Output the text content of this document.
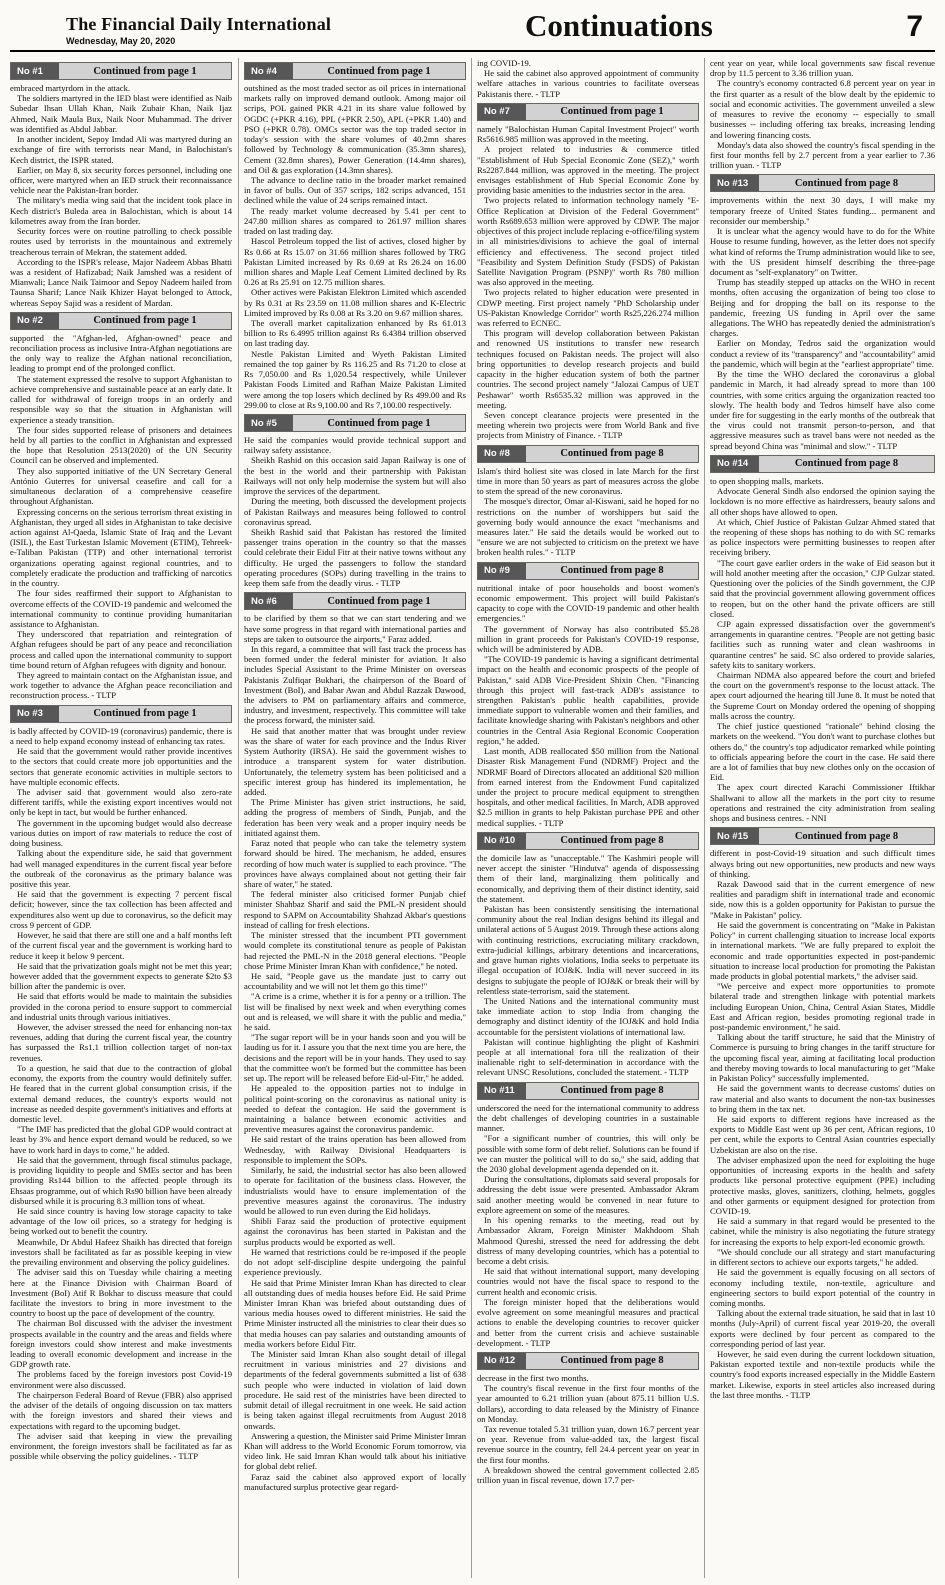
The Financial Daily International
Wednesday, May 20, 2020	Continuations	7
No #1	Continued from page 1

embraced martyrdom in the attack.

The soldiers martyred in the IED blast were identified as Naib Subedar Ihsan Ullah Khan, Naik Zubair Khan, Naik Ijaz Ahmed, Naik Maula Bux, Naik Noor Muhammad. The driver was identified as Abdul Jabbar.

In another incident, Sepoy Imdad Ali was martyred during an exchange of fire with terrorists near Mand, in Balochistan's Kech district, the ISPR stated.

Earlier, on May 8, six security forces personnel, including one officer, were martyred when an IED struck their reconnaissance vehicle near the Pakistan-Iran border.

The military's media wing said that the incident took place in Kech district's Buleda area in Balochistan, which is about 14 kilometres away from the Iran border.

Security forces were on routine patrolling to check possible routes used by terrorists in the mountainous and extremely treacherous terrain of Mekran, the statement added.

According to the ISPR's release, Major Nadeem Abbas Bhatti was a resident of Hafizabad; Naik Jamshed was a resident of Mianwali; Lance Naik Taimoor and Sepoy Nadeem hailed from Taunsa Sharif; Lance Naik Khizer Hayat belonged to Attock, whereas Sepoy Sajid was a resident of Mardan.

No #2	Continued from page 1

supported the "Afghan-led, Afghan-owned" peace and reconciliation process as inclusive Intra-Afghan negotiations are the only way to realize the Afghan national reconciliation, leading to prompt end of the prolonged conflict.

The statement expressed the resolve to support Afghanistan to achieve comprehensive and sustainable peace at an early date. It called for withdrawal of foreign troops in an orderly and responsible way so that the situation in Afghanistan will experience a steady transition.

The four sides supported release of prisoners and detainees held by all parties to the conflict in Afghanistan and expressed the hope that Resolution 2513(2020) of the UN Security Council can be observed and implemented.

They also supported initiative of the UN Secretary General António Guterres for universal ceasefire and call for a simultaneous declaration of a comprehensive ceasefire throughout Afghanistan.

Expressing concerns on the serious terrorism threat existing in Afghanistan, they urged all sides in Afghanistan to take decisive action against Al-Qaeda, Islamic State of Iraq and the Levant (ISIL), the East Turkestan Islamic Movement (ETIM), Tehreek-e-Taliban Pakistan (TTP) and other international terrorist organizations operating against regional countries, and to completely eradicate the production and trafficking of narcotics in the country.

The four sides reaffirmed their support to Afghanistan to overcome effects of the COVID-19 pandemic and welcomed the international community to continue providing humanitarian assistance to Afghanistan.

They underscored that repatriation and reintegration of Afghan refugees should be part of any peace and reconciliation process and called upon the international community to support time bound return of Afghan refugees with dignity and honour.

They agreed to maintain contact on the Afghanistan issue, and work together to advance the Afghan peace reconciliation and reconstruction process. - TLTP

No #3	Continued from page 1

is badly affected by COVID-19 (coronavirus) pandemic, there is a need to help expand economy instead of enhancing tax rates.

He said that the government would rather provide incentives to the sectors that could create more job opportunities and the sectors that generate economic activities in multiple sectors to have multiple economic effects.

The adviser said that government would also zero-rate different tariffs, while the existing export incentives would not only be kept in tact, but would be further enhanced.

The government in the upcoming budget would also decrease various duties on import of raw materials to reduce the cost of doing business.

Talking about the expenditure side, he said that government had well managed expenditures in the current fiscal year before the outbreak of the coronavirus as the primary balance was positive this year.

He said that the government is expecting 7 percent fiscal deficit; however, since the tax collection has been affected and expenditures also went up due to coronavirus, so the deficit may cross 9 percent of GDP.

However, he said that there are still one and a half months left of the current fiscal year and the government is working hard to reduce it keep it below 9 percent.

He said that the privatization goals might not be met this year; however added that the government expects to generate $2to $3 billion after the pandemic is over.

He said that efforts would be made to maintain the subsidies provided in the corona period to ensure support to commercial and industrial units through various initiatives.

However, the adviser stressed the need for enhancing non-tax revenues, adding that during the current fiscal year, the country has surpassed the Rs1.1 trillion collection target of non-tax revenues.

To a question, he said that due to the contraction of global economy, the exports from the country would definitely suffer. He feared that in the current global consumption crisis, if the external demand reduces, the country's exports would not increase as needed despite government's initiatives and efforts at domestic level.

"The IMF has predicted that the global GDP would contract at least by 3% and hence export demand would be reduced, so we have to work hard in days to come," he added.

He said that the government, through fiscal stimulus package, is providing liquidity to people and SMEs sector and has been providing Rs144 billion to the affected people through its Ehsaas programme, out of which Rs90 billion have been already disbursed while it is procuring 8.3 million tons of wheat.

He said since country is having low storage capacity to take advantage of the low oil prices, so a strategy for hedging is being worked out to benefit the country.

Meanwhile, Dr Abdul Hafeez Shaikh has directed that foreign investors shall be facilitated as far as possible keeping in view the prevailing environment and observing the policy guidelines.

The adviser said this on Tuesday while chairing a meeting here at the Finance Division with Chairman Board of Investment (BoI) Atif R Bokhar to discuss measure that could facilitate the investors to bring in more investment to the country to boost up the pace of development of the country.

The chairman BoI discussed with the adviser the investment prospects available in the country and the areas and fields where foreign investors could show interest and make investments leading to overall economic development and increase in the GDP growth rate.

The problems faced by the foreign investors post Covid-19 environment were also discussed.

The chairperson Federal Board of Revue (FBR) also apprised the adviser of the details of ongoing discussion on tax matters with the foreign investors and shared their views and expectations with regard to the upcoming budget.

The adviser said that keeping in view the prevailing environment, the foreign investors shall be facilitated as far as possible while observing the policy guidelines. - TLTP

No #4	Continued from page 1

outshined as the most traded sector as oil prices in international markets rally on improved demand outlook. Among major oil scrips, POL gained PKR 4.21 in its share value followed by OGDC (+PKR 4.16), PPL (+PKR 2.50), APL (+PKR 1.40) and PSO (+PKR 0.78). OMCs sector was the top traded sector in today's session with the share volumes of 40.2mn shares followed by Technology & communication (35.3mn shares), Cement (32.8mn shares), Power Generation (14.4mn shares), and Oil & gas exploration (14.3mn shares).

The advance to decline ratio in the broader market remained in favor of bulls. Out of 357 scrips, 182 scrips advanced, 151 declined while the value of 24 scrips remained intact.

The ready market volume decreased by 5.41 per cent to 247.80 million shares as compared to 261.97 million shares traded on last trading day.

Hascol Petroleum topped the list of actives, closed higher by Rs 0.66 at Rs 15.07 on 31.66 million shares followed by TRG Pakistan Limited increased by Rs 0.69 at Rs 26.24 on 16.00 million shares and Maple Leaf Cement Limited declined by Rs 0.26 at Rs 25.91 on 12.75 million shares.

Other actives were Pakistan Elektron Limited which ascended by Rs 0.31 at Rs 23.59 on 11.08 million shares and K-Electric Limited improved by Rs 0.08 at Rs 3.20 on 9.67 million shares.

The overall market capitalization enhanced by Rs 61.013 billion to Rs 6.4995 trillion against Rs 6.4384 trillion observed on last trading day.

Nestle Pakistan Limited and Wyeth Pakistan Limited remained the top gainer by Rs 116.25 and Rs 71.20 to close at Rs 7,050.00 and Rs 1,020.54 respectively, while Unilever Pakistan Foods Limited and Rafhan Maize Pakistan Limited were among the top losers which declined by Rs 499.00 and Rs 299.00 to close at Rs 9,100.00 and Rs 7,100.00 respectively.

No #5	Continued from page 1

He said the companies would provide technical support and railway safety assistance.

Sheikh Rashid on this occasion said Japan Railway is one of the best in the world and their partnership with Pakistan Railways will not only help modernise the system but will also improve the services of the department.

During the meeting, both discussed the development projects of Pakistan Railways and measures being followed to control coronavirus spread.

Sheikh Rashid said that Pakistan has restored the limited passenger trains operation in the country so that the masses could celebrate their Eidul Fitr at their native towns without any difficulty. He urged the passengers to follow the standard operating procedures (SOPs) during travelling in the trains to keep them safe from the deadly virus. - TLTP

No #6	Continued from page 1

to be clarified by them so that we can start tendering and we have some progress in that regard with international parties and steps are taken to outsource the airports," Faraz added.

In this regard, a committee that will fast track the process has been formed under the federal minister for aviation. It also includes Special Assistant to the Prime Minister on overseas Pakistanis Zulfiqar Bukhari, the chairperson of the Board of Investment (BoI), and Babar Awan and Abdul Razzak Dawood, the advisers to PM on parliamentary affairs and commerce, industry, and investment, respectively. This committee will take the process forward, the minister said.

He said that another matter that was brought under review was the share of water for each province and the Indus River System Authority (IRSA). He said the government wishes to introduce a transparent system for water distribution. Unfortunately, the telemetry system has been politicised and a specific interest group has hindered its implementation, he added.

The Prime Minister has given strict instructions, he said, adding the progress of members of Sindh, Punjab, and the federation has been very weak and a proper inquiry needs be initiated against them.

Faraz noted that people who can take the telemetry system forward should be hired. The mechanism, he added, ensures recording of how much water is supplied to each province. "The provinces have always complained about not getting their fair share of water," he stated.

The federal minister also criticised former Punjab chief minister Shahbaz Sharif and said the PML-N president should respond to SAPM on Accountability Shahzad Akbar's questions instead of calling for fresh elections.

The minister stressed that the incumbent PTI government would complete its constitutional tenure as people of Pakistan had rejected the PML-N in the 2018 general elections. "People chose Prime Minister Imran Khan with confidence," he noted.

He said, "People gave us the mandate just to carry out accountability and we will not let them go this time!"

"A crime is a crime, whether it is for a penny or a trillion. The list will be finalised by next week and when everything comes out and is released, we will share it with the public and media," he said.

"The sugar report will be in your hands soon and you will be lauding us for it. I assure you that the next time you are here, the decisions and the report will be in your hands. They used to say that the committee won't be formed but the committee has been set up. The report will be released before Eid-ul-Fitr," he added.

He appealed to the opposition parties not to indulge in political point-scoring on the coronavirus as national unity is needed to defeat the contagion. He said the government is maintaining a balance between economic activities and preventive measures against the coronavirus pandemic.

He said restart of the trains operation has been allowed from Wednesday, with Railway Divisional Headquarters is responsible to implement the SOPs.

Similarly, he said, the industrial sector has also been allowed to operate for facilitation of the business class. However, the industrialists would have to ensure implementation of the preventive measures against the coronavirus. The industry would be allowed to run even during the Eid holidays.

Shibli Faraz said the production of protective equipment against the coronavirus has been started in Pakistan and the surplus products would be exported as well.

He warned that restrictions could be re-imposed if the people do not adopt self-discipline despite undergoing the painful experience previously.

He said that Prime Minister Imran Khan has directed to clear all outstanding dues of media houses before Eid. He said Prime Minister Imran Khan was briefed about outstanding dues of various media houses owed to different ministries. He said the Prime Minister instructed all the ministries to clear their dues so that media houses can pay salaries and outstanding amounts of media workers before Eidul Fitr.

The Minister said Imran Khan also sought detail of illegal recruitment in various ministries and 27 divisions and departments of the federal governments submitted a list of 638 such people who were inducted in violation of laid down procedure. He said rest of the ministries have been directed to submit detail of illegal recruitment in one week. He said action is being taken against illegal recruitments from August 2018 onwards.

Answering a question, the Minister said Prime Minister Imran Khan will address to the World Economic Forum tomorrow, via video link. He said Imran Khan would talk about his initiative for global debt relief.

Faraz said the cabinet also approved export of locally manufactured surplus protective gear regard-

ing COVID-19.

He said the cabinet also approved appointment of community welfare attaches in various countries to facilitate overseas Pakistanis there. - TLTP

No #7	Continued from page 1

namely "Balochistan Human Capital Investment Project" worth Rs5616.985 million was approved in the meeting.

A project related to industries & commerce titled "Establishment of Hub Special Economic Zone (SEZ)," worth Rs2287.844 million, was approved in the meeting. The project envisages establishment of Hub Special Economic Zone by providing basic amenities to the industries sector in the area.

Two projects related to information technology namely "E-Office Replication at Division of the Federal Government" worth Rs689.653 million were approved by CDWP. The major objectives of this project include replacing e-office/filing system in all ministries/divisions to achieve the goal of internal efficiency and effectiveness. The second project titled "Feasibility and System Definition Study (FSDS) of Pakistan Satellite Navigation Program (PSNP)" worth Rs 780 million was also approved in the meeting.

Two projects related to higher education were presented in CDWP meeting. First project namely "PhD Scholarship under US-Pakistan Knowledge Corridor" worth Rs25,226.274 million was referred to ECNEC.

This program will develop collaboration between Pakistan and renowned US institutions to transfer new research techniques focused on Pakistan needs. The project will also bring opportunities to develop research projects and build capacity in the higher education system of both the partner countries. The second project namely "Jalozai Campus of UET Peshawar" worth Rs6535.32 million was approved in the meeting.

Seven concept clearance projects were presented in the meeting wherein two projects were from World Bank and five projects from Ministry of Finance. - TLTP

No #8	Continued from page 8

Islam's third holiest site was closed in late March for the first time in more than 50 years as part of measures across the globe to stem the spread of the new coronavirus.

The mosque's director, Omar al-Kiswani, said he hoped for no restrictions on the number of worshippers but said the governing body would announce the exact "mechanisms and measures later." He said the details would be worked out to "ensure we are not subjected to criticism on the pretext we have broken health rules." - TLTP

No #9	Continued from page 8

nutritional intake of poor households and boost women's economic empowerment. This project will build Pakistan's capacity to cope with the COVID-19 pandemic and other health emergencies."

The government of Norway has also contributed $5.28 million in grant proceeds for Pakistan's COVID-19 response, which will be administered by ADB.

"The COVID-19 pandemic is having a significant detrimental impact on the health and economic prospects of the people of Pakistan," said ADB Vice-President Shixin Chen. "Financing through this project will fast-track ADB's assistance to strengthen Pakistan's public health capabilities, provide immediate support to vulnerable women and their families, and facilitate knowledge sharing with Pakistan's neighbors and other countries in the Central Asia Regional Economic Cooperation region," he added.

Last month, ADB reallocated $50 million from the National Disaster Risk Management Fund (NDRMF) Project and the NDRMF Board of Directors allocated an additional $20 million from earned interest from the Endowment Fund capitalized under the project to procure medical equipment to strengthen hospitals, and other medical facilities. In March, ADB approved $2.5 million in grants to help Pakistan purchase PPE and other medical supplies. - TLTP

No #10	Continued from page 8

the domicile law as "unacceptable." The Kashmiri people will never accept the sinister "Hindutva" agenda of dispossessing them of their land, marginalizing them politically and economically, and depriving them of their distinct identity, said the statement.

Pakistan has been consistently sensitising the international community about the real Indian designs behind its illegal and unilateral actions of 5 August 2019. Through these actions along with continuing restrictions, excruciating military crackdown, extra-judicial killings, arbitrary detentions and incarcerations, and grave human rights violations, India seeks to perpetuate its illegal occupation of IOJ&K. India will never succeed in its designs to subjugate the people of IOJ&K or break their will by relentless state-terrorism, said the statement.

The United Nations and the international community must take immediate action to stop India from changing the demography and distinct identity of the IOJ&K and hold India accountable for the persistent violations of international law.

Pakistan will continue highlighting the plight of Kashmiri people at all international fora till the realization of their inalienable right to self-determination in accordance with the relevant UNSC Resolutions, concluded the statement. - TLTP

No #11	Continued from page 8

underscored the need for the international community to address the debt challenges of developing countries in a sustainable manner.

"For a significant number of countries, this will only be possible with some form of debt relief. Solutions can be found if we can muster the political will to do so," she said, adding that the 2030 global development agenda depended on it.

During the consultations, diplomats said several proposals for addressing the debt issue were presented. Ambassador Akram said another meeting would be convened in near future to explore agreement on some of the measures.

In his opening remarks to the meeting, read out by Ambassador Akram, Foreign Minister Makhdoom Shah Mahmood Qureshi, stressed the need for addressing the debt distress of many developing countries, which has a potential to become a debt crisis.

He said that without international support, many developing countries would not have the fiscal space to respond to the current health and economic crisis.

The foreign minister hoped that the deliberations would evolve agreement on some meaningful measures and practical actions to enable the developing countries to recover quicker and better from the current crisis and achieve sustainable development. - TLTP

No #12	Continued from page 8

decrease in the first two months.

The country's fiscal revenue in the first four months of the year amounted to 6.21 trillion yuan (about 875.11 billion U.S. dollars), according to data released by the Ministry of Finance on Monday.

Tax revenue totaled 5.31 trillion yuan, down 16.7 percent year on year. Revenue from value-added tax, the largest fiscal revenue source in the country, fell 24.4 percent year on year in the first four months.

A breakdown showed the central government collected 2.85 trillion yuan in fiscal revenue, down 17.7 per-

cent year on year, while local governments saw fiscal revenue drop by 11.5 percent to 3.36 trillion yuan.

The country's economy contracted 6.8 percent year on year in the first quarter as a result of the blow dealt by the epidemic to social and economic activities. The government unveiled a slew of measures to revive the economy -- especially to small businesses -- including offering tax breaks, increasing lending and lowering financing costs.

Monday's data also showed the country's fiscal spending in the first four months fell by 2.7 percent from a year earlier to 7.36 trillion yuan. - TLTP

No #13	Continued from page 8

improvements within the next 30 days, I will make my temporary freeze of United States funding... permanent and reconsider our membership."

It is unclear what the agency would have to do for the White House to resume funding, however, as the letter does not specify what kind of reforms the Trump administration would like to see, with the US president himself describing the three-page document as "self-explanatory" on Twitter.

Trump has steadily stepped up attacks on the WHO in recent months, often accusing the organization of being too close to Beijing and for dropping the ball on its response to the pandemic, freezing US funding in April over the same allegations. The WHO has repeatedly denied the administration's charges.

Earlier on Monday, Tedros said the organization would conduct a review of its "transparency" and "accountability" amid the pandemic, which will begin at the "earliest appropriate" time.

By the time the WHO declared the coronavirus a global pandemic in March, it had already spread to more than 100 countries, with some critics arguing the organization reacted too slowly. The health body and Tedros himself have also come under fire for suggesting in the early months of the outbreak that the virus could not transmit person-to-person, and that aggressive measures such as travel bans were not needed as the spread beyond China was "minimal and slow." - TLTP

No #14	Continued from page 8

to open shopping malls, markets.

Advocate General Sindh also endorsed the opinion saying the lockdown is no more effective as hairdressers, beauty salons and all other shops have allowed to open.

At which, Chief Justice of Pakistan Gulzar Ahmed stated that the reopening of these shops has nothing to do with SC remarks as police inspectors were permitting businesses to reopen after receiving bribery.

"The court gave earlier orders in the wake of Eid season but it will hold another meeting after the occasion," CJP Gulzar stated. Questioning over the policies of the Sindh government, the CJP said that the provincial government allowing government offices to reopen, but on the other hand the private officers are still closed.

CJP again expressed dissatisfaction over the government's arrangements in quarantine centres. "People are not getting basic facilities such as running water and clean washrooms in quarantine centres" he said. SC also ordered to provide salaries, safety kits to sanitary workers.

Chairman NDMA also appeared before the court and briefed the court on the government's response to the locust attack. The apex court adjourned the hearing till June 8. It must be noted that the Supreme Court on Monday ordered the opening of shopping malls across the country.

The chief justice questioned "rationale" behind closing the markets on the weekend. "You don't want to purchase clothes but others do," the country's top adjudicator remarked while pointing to officials appearing before the court in the case. He said there are a lot of families that buy new clothes only on the occasion of Eid.

The apex court directed Karachi Commissioner Iftikhar Shallwani to allow all the markets in the port city to resume operations and restrained the city administration from sealing shops and business centres. - NNI

No #15	Continued from page 8

different in post-Covid-19 situation and such difficult times always bring out new opportunities, new products and new ways of thinking.

Razak Dawood said that in the current emergence of new realities and paradigm shift in international trade and economic side, now this is a golden opportunity for Pakistan to pursue the "Make in Pakistan" policy.

He said the government is concentrating on "Make in Pakistan Policy" in current challenging situation to increase local exports in international markets. "We are fully prepared to exploit the economic and trade opportunities expected in post-pandemic situation to increase local production for promoting the Pakistan made products in global potential markets," the adviser said.

"We perceive and expect more opportunities to promote bilateral trade and strengthen linkage with potential markets including European Union, China, Central Asian States, Middle East and African region, besides promoting regional trade in post-pandemic environment," he said.

Talking about the tariff structure, he said that the Ministry of Commerce is pursuing to bring changes in the tariff structure for the upcoming fiscal year, aiming at facilitating local production and thereby moving towards to local manufacturing to get "Make in Pakistan Policy" successfully implemented.

He said the government wants to decrease customs' duties on raw material and also wants to document the non-tax businesses to bring them in the tax net.

He said exports to different regions have increased as the exports to Middle East went up 36 per cent, African regions, 10 per cent, while the exports to Central Asian countries especially Uzbekistan are also on the rise.

The adviser emphasized upon the need for exploiting the huge opportunities of increasing exports in the health and safety products like personal protective equipment (PPE) including protective masks, gloves, sanitizers, clothing, helmets, goggles and other garments or equipment designed for protection from COVID-19.

He said a summary in that regard would be presented to the cabinet, while the ministry is also negotiating the future strategy for increasing the exports to help export-led economic growth.

"We should conclude our all strategy and start manufacturing in different sectors to achieve our exports targets," he added.

He said the government is equally focusing on all sectors of economy including textile, non-textile, agriculture and engineering sectors to build export potential of the country in coming months.

Talking about the external trade situation, he said that in last 10 months (July-April) of current fiscal year 2019-20, the overall exports were declined by four percent as compared to the corresponding period of last year.

However, he said even during the current lockdown situation, Pakistan exported textile and non-textile products while the country's food exports increased especially in the Middle Eastern market. Likewise, exports in steel articles also increased during the last three months. - TLTP
